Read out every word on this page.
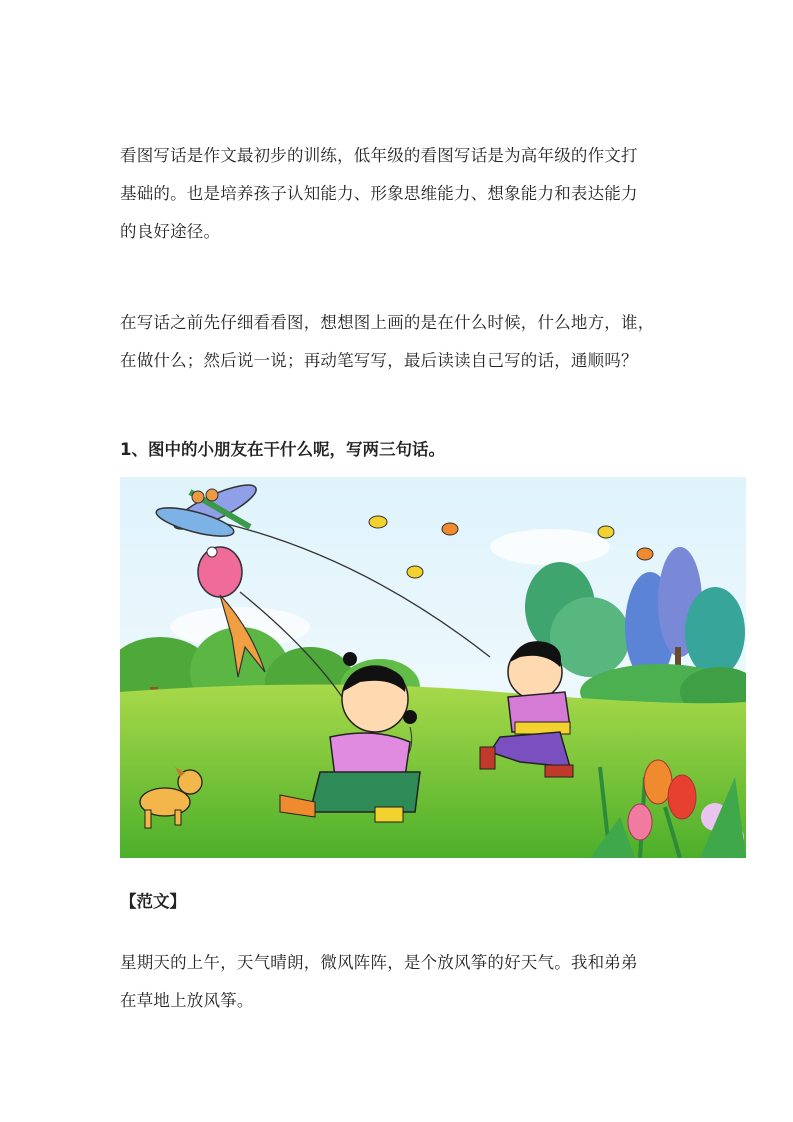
看图写话是作文最初步的训练，低年级的看图写话是为高年级的作文打
基础的。也是培养孩子认知能力、形象思维能力、想象能力和表达能力
的良好途径。
在写话之前先仔细看看图，想想图上画的是在什么时候，什么地方，谁，
在做什么；然后说一说；再动笔写写，最后读读自己写的话，通顺吗？
1、图中的小朋友在干什么呢，写两三句话。
【范文】
星期天的上午，天气晴朗，微风阵阵，是个放风筝的好天气。我和弟弟
在草地上放风筝。
